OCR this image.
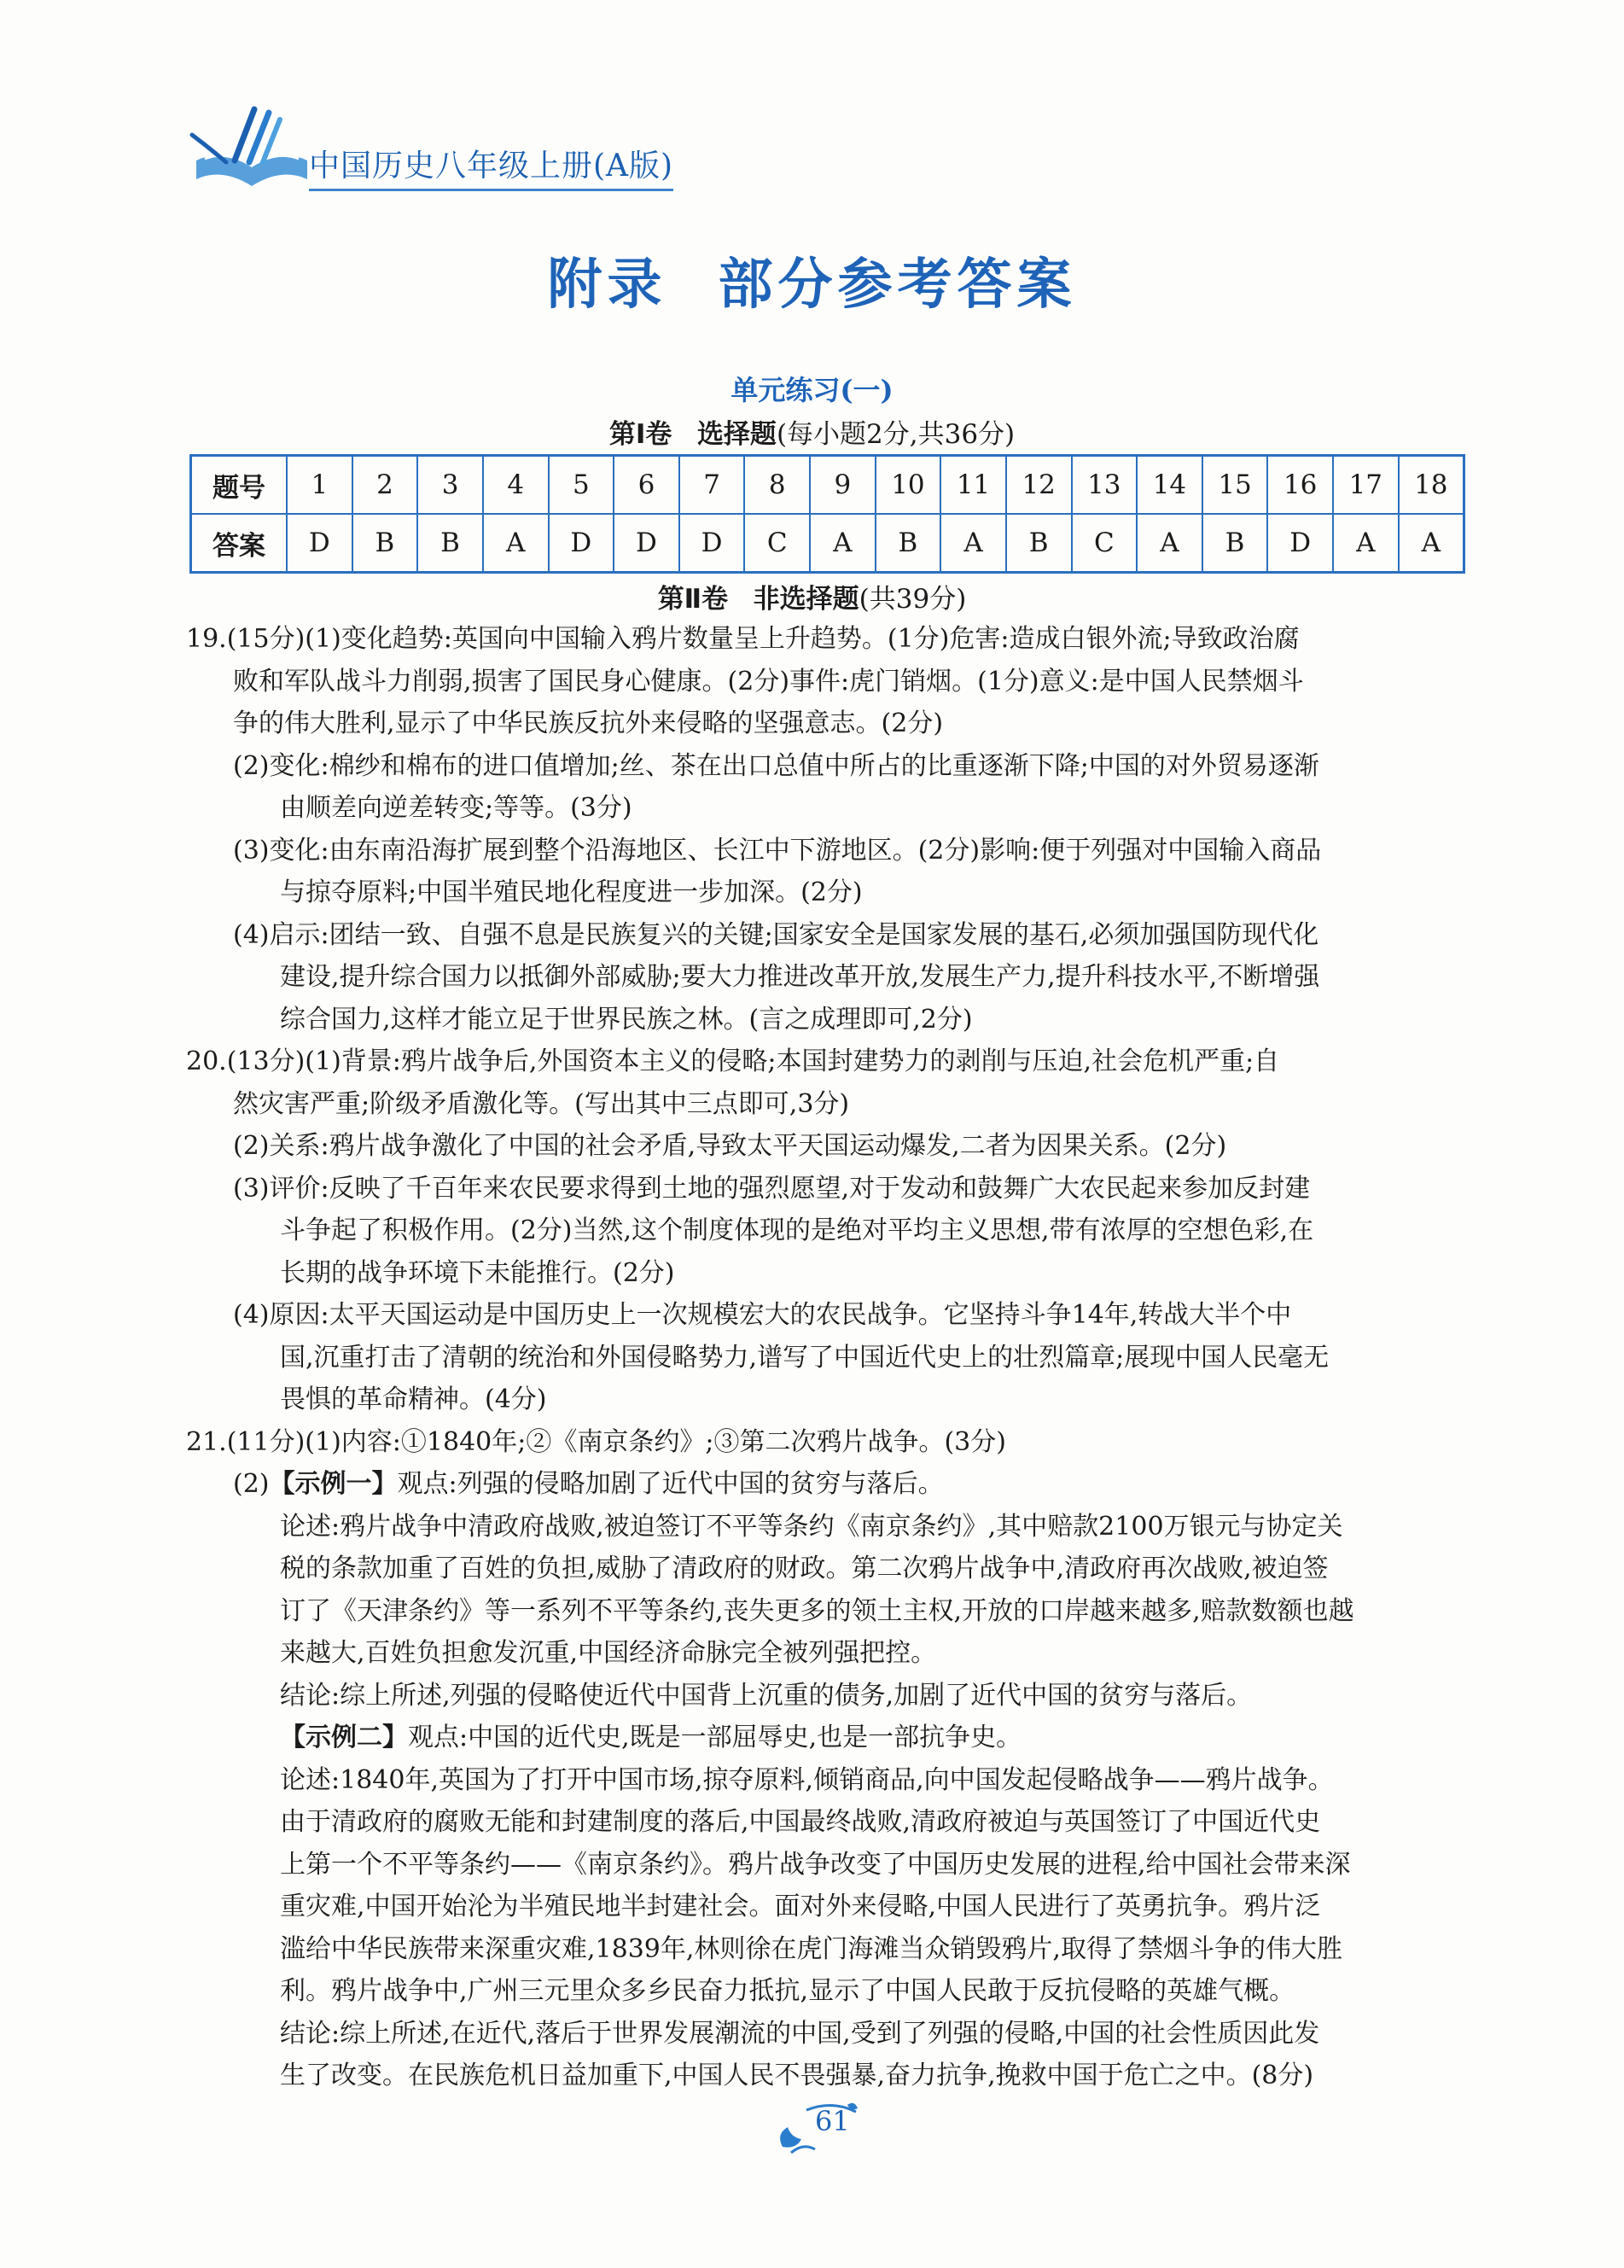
中国历史八年级上册(A版)
附录 部分参考答案
单元练习(一)
第Ⅰ卷 选择题(每小题2分,共36分)
题号	1	2	3	4	5	6	7	8	9	10	11	12	13	14	15	16	17	18
答案	D	B	B	A	D	D	D	C	A	B	A	B	C	A	B	D	A	A
第Ⅱ卷 非选择题(共39分)

19.(15分)(1)变化趋势:英国向中国输入鸦片数量呈上升趋势。(1分)危害:造成白银外流;导致政治腐

败和军队战斗力削弱,损害了国民身心健康。(2分)事件:虎门销烟。(1分)意义:是中国人民禁烟斗

争的伟大胜利,显示了中华民族反抗外来侵略的坚强意志。(2分)

(2)变化:棉纱和棉布的进口值增加;丝、茶在出口总值中所占的比重逐渐下降;中国的对外贸易逐渐

由顺差向逆差转变;等等。(3分)

(3)变化:由东南沿海扩展到整个沿海地区、长江中下游地区。(2分)影响:便于列强对中国输入商品

与掠夺原料;中国半殖民地化程度进一步加深。(2分)

(4)启示:团结一致、自强不息是民族复兴的关键;国家安全是国家发展的基石,必须加强国防现代化

建设,提升综合国力以抵御外部威胁;要大力推进改革开放,发展生产力,提升科技水平,不断增强

综合国力,这样才能立足于世界民族之林。(言之成理即可,2分)

20.(13分)(1)背景:鸦片战争后,外国资本主义的侵略;本国封建势力的剥削与压迫,社会危机严重;自

然灾害严重;阶级矛盾激化等。(写出其中三点即可,3分)

(2)关系:鸦片战争激化了中国的社会矛盾,导致太平天国运动爆发,二者为因果关系。(2分)

(3)评价:反映了千百年来农民要求得到土地的强烈愿望,对于发动和鼓舞广大农民起来参加反封建

斗争起了积极作用。(2分)当然,这个制度体现的是绝对平均主义思想,带有浓厚的空想色彩,在

长期的战争环境下未能推行。(2分)

(4)原因:太平天国运动是中国历史上一次规模宏大的农民战争。它坚持斗争14年,转战大半个中

国,沉重打击了清朝的统治和外国侵略势力,谱写了中国近代史上的壮烈篇章;展现中国人民毫无

畏惧的革命精神。(4分)

21.(11分)(1)内容:①1840年;②《南京条约》;③第二次鸦片战争。(3分)

(2)【示例一】观点:列强的侵略加剧了近代中国的贫穷与落后。

论述:鸦片战争中清政府战败,被迫签订不平等条约《南京条约》,其中赔款2100万银元与协定关

税的条款加重了百姓的负担,威胁了清政府的财政。第二次鸦片战争中,清政府再次战败,被迫签

订了《天津条约》等一系列不平等条约,丧失更多的领土主权,开放的口岸越来越多,赔款数额也越

来越大,百姓负担愈发沉重,中国经济命脉完全被列强把控。

结论:综上所述,列强的侵略使近代中国背上沉重的债务,加剧了近代中国的贫穷与落后。

【示例二】观点:中国的近代史,既是一部屈辱史,也是一部抗争史。

论述:1840年,英国为了打开中国市场,掠夺原料,倾销商品,向中国发起侵略战争——鸦片战争。

由于清政府的腐败无能和封建制度的落后,中国最终战败,清政府被迫与英国签订了中国近代史

上第一个不平等条约——《南京条约》。鸦片战争改变了中国历史发展的进程,给中国社会带来深

重灾难,中国开始沦为半殖民地半封建社会。面对外来侵略,中国人民进行了英勇抗争。鸦片泛

滥给中华民族带来深重灾难,1839年,林则徐在虎门海滩当众销毁鸦片,取得了禁烟斗争的伟大胜

利。鸦片战争中,广州三元里众多乡民奋力抵抗,显示了中国人民敢于反抗侵略的英雄气概。

结论:综上所述,在近代,落后于世界发展潮流的中国,受到了列强的侵略,中国的社会性质因此发

生了改变。在民族危机日益加重下,中国人民不畏强暴,奋力抗争,挽救中国于危亡之中。(8分)

61
